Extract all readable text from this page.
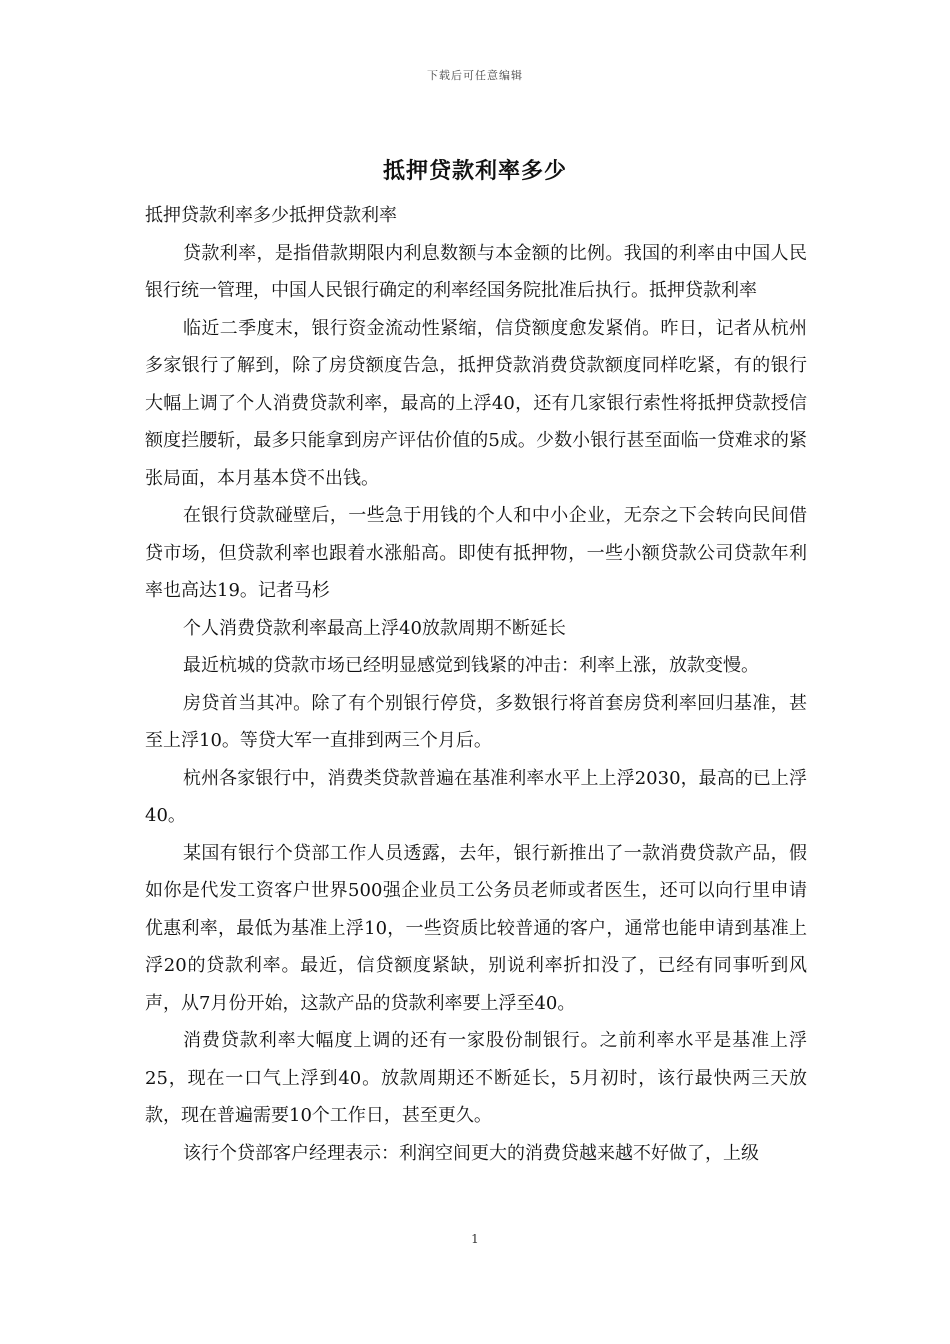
下载后可任意编辑
抵押贷款利率多少

抵押贷款利率多少抵押贷款利率

贷款利率，是指借款期限内利息数额与本金额的比例。我国的利率由中国人民银行统一管理，中国人民银行确定的利率经国务院批准后执行。抵押贷款利率

临近二季度末，银行资金流动性紧缩，信贷额度愈发紧俏。昨日，记者从杭州多家银行了解到，除了房贷额度告急，抵押贷款消费贷款额度同样吃紧，有的银行大幅上调了个人消费贷款利率，最高的上浮40，还有几家银行索性将抵押贷款授信额度拦腰斩，最多只能拿到房产评估价值的5成。少数小银行甚至面临一贷难求的紧张局面，本月基本贷不出钱。

在银行贷款碰壁后，一些急于用钱的个人和中小企业，无奈之下会转向民间借贷市场，但贷款利率也跟着水涨船高。即使有抵押物，一些小额贷款公司贷款年利率也高达19。记者马杉

个人消费贷款利率最高上浮40放款周期不断延长

最近杭城的贷款市场已经明显感觉到钱紧的冲击：利率上涨，放款变慢。

房贷首当其冲。除了有个别银行停贷，多数银行将首套房贷利率回归基准，甚至上浮10。等贷大军一直排到两三个月后。

杭州各家银行中，消费类贷款普遍在基准利率水平上上浮2030，最高的已上浮40。

某国有银行个贷部工作人员透露，去年，银行新推出了一款消费贷款产品，假如你是代发工资客户世界500强企业员工公务员老师或者医生，还可以向行里申请优惠利率，最低为基准上浮10，一些资质比较普通的客户，通常也能申请到基准上浮20的贷款利率。最近，信贷额度紧缺，别说利率折扣没了，已经有同事听到风声，从7月份开始，这款产品的贷款利率要上浮至40。

消费贷款利率大幅度上调的还有一家股份制银行。之前利率水平是基准上浮25，现在一口气上浮到40。放款周期还不断延长，5月初时，该行最快两三天放款，现在普遍需要10个工作日，甚至更久。

该行个贷部客户经理表示：利润空间更大的消费贷越来越不好做了，上级

1
